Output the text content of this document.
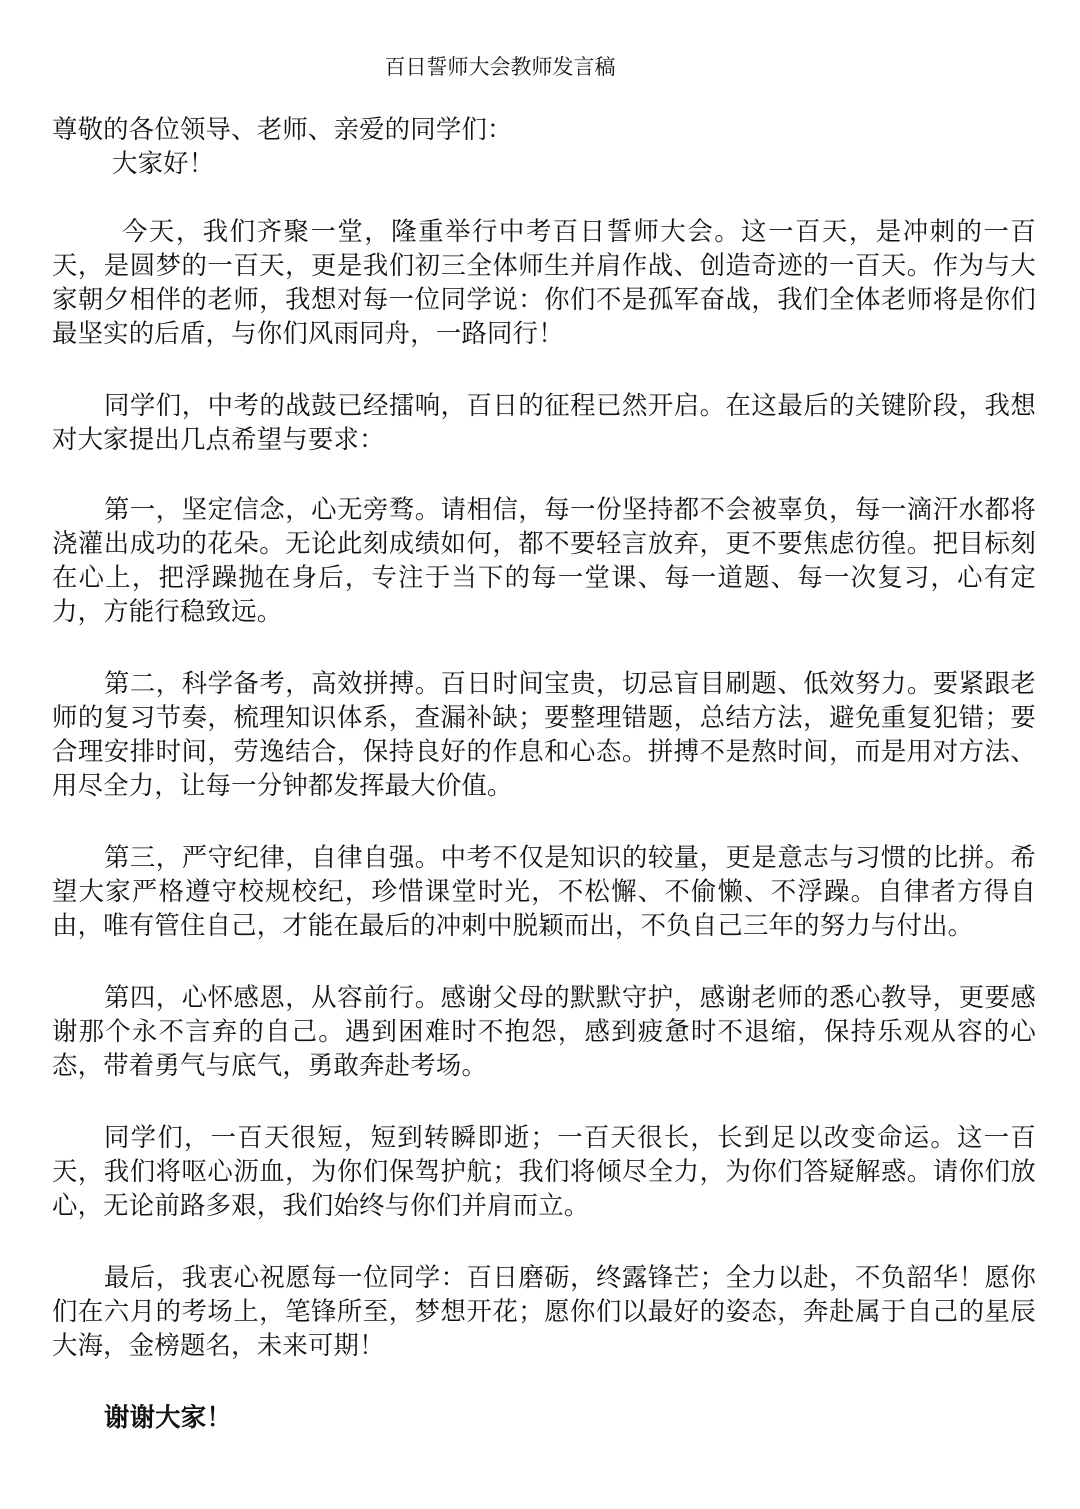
百日誓师大会教师发言稿

尊敬的各位领导、老师、亲爱的同学们：

大家好！

今天，我们齐聚一堂，隆重举行中考百日誓师大会。这一百天，是冲刺的一百天，是圆梦的一百天，更是我们初三全体师生并肩作战、创造奇迹的一百天。作为与大家朝夕相伴的老师，我想对每一位同学说：你们不是孤军奋战，我们全体老师将是你们最坚实的后盾，与你们风雨同舟，一路同行！

同学们，中考的战鼓已经擂响，百日的征程已然开启。在这最后的关键阶段，我想对大家提出几点希望与要求：

第一，坚定信念，心无旁骛。请相信，每一份坚持都不会被辜负，每一滴汗水都将浇灌出成功的花朵。无论此刻成绩如何，都不要轻言放弃，更不要焦虑彷徨。把目标刻在心上，把浮躁抛在身后，专注于当下的每一堂课、每一道题、每一次复习，心有定力，方能行稳致远。

第二，科学备考，高效拼搏。百日时间宝贵，切忌盲目刷题、低效努力。要紧跟老师的复习节奏，梳理知识体系，查漏补缺；要整理错题，总结方法，避免重复犯错；要合理安排时间，劳逸结合，保持良好的作息和心态。拼搏不是熬时间，而是用对方法、用尽全力，让每一分钟都发挥最大价值。

第三，严守纪律，自律自强。中考不仅是知识的较量，更是意志与习惯的比拼。希望大家严格遵守校规校纪，珍惜课堂时光，不松懈、不偷懒、不浮躁。自律者方得自由，唯有管住自己，才能在最后的冲刺中脱颖而出，不负自己三年的努力与付出。

第四，心怀感恩，从容前行。感谢父母的默默守护，感谢老师的悉心教导，更要感谢那个永不言弃的自己。遇到困难时不抱怨，感到疲惫时不退缩，保持乐观从容的心态，带着勇气与底气，勇敢奔赴考场。

同学们，一百天很短，短到转瞬即逝；一百天很长，长到足以改变命运。这一百天，我们将呕心沥血，为你们保驾护航；我们将倾尽全力，为你们答疑解惑。请你们放心，无论前路多艰，我们始终与你们并肩而立。

最后，我衷心祝愿每一位同学：百日磨砺，终露锋芒；全力以赴，不负韶华！愿你们在六月的考场上，笔锋所至，梦想开花；愿你们以最好的姿态，奔赴属于自己的星辰大海，金榜题名，未来可期！

谢谢大家！
